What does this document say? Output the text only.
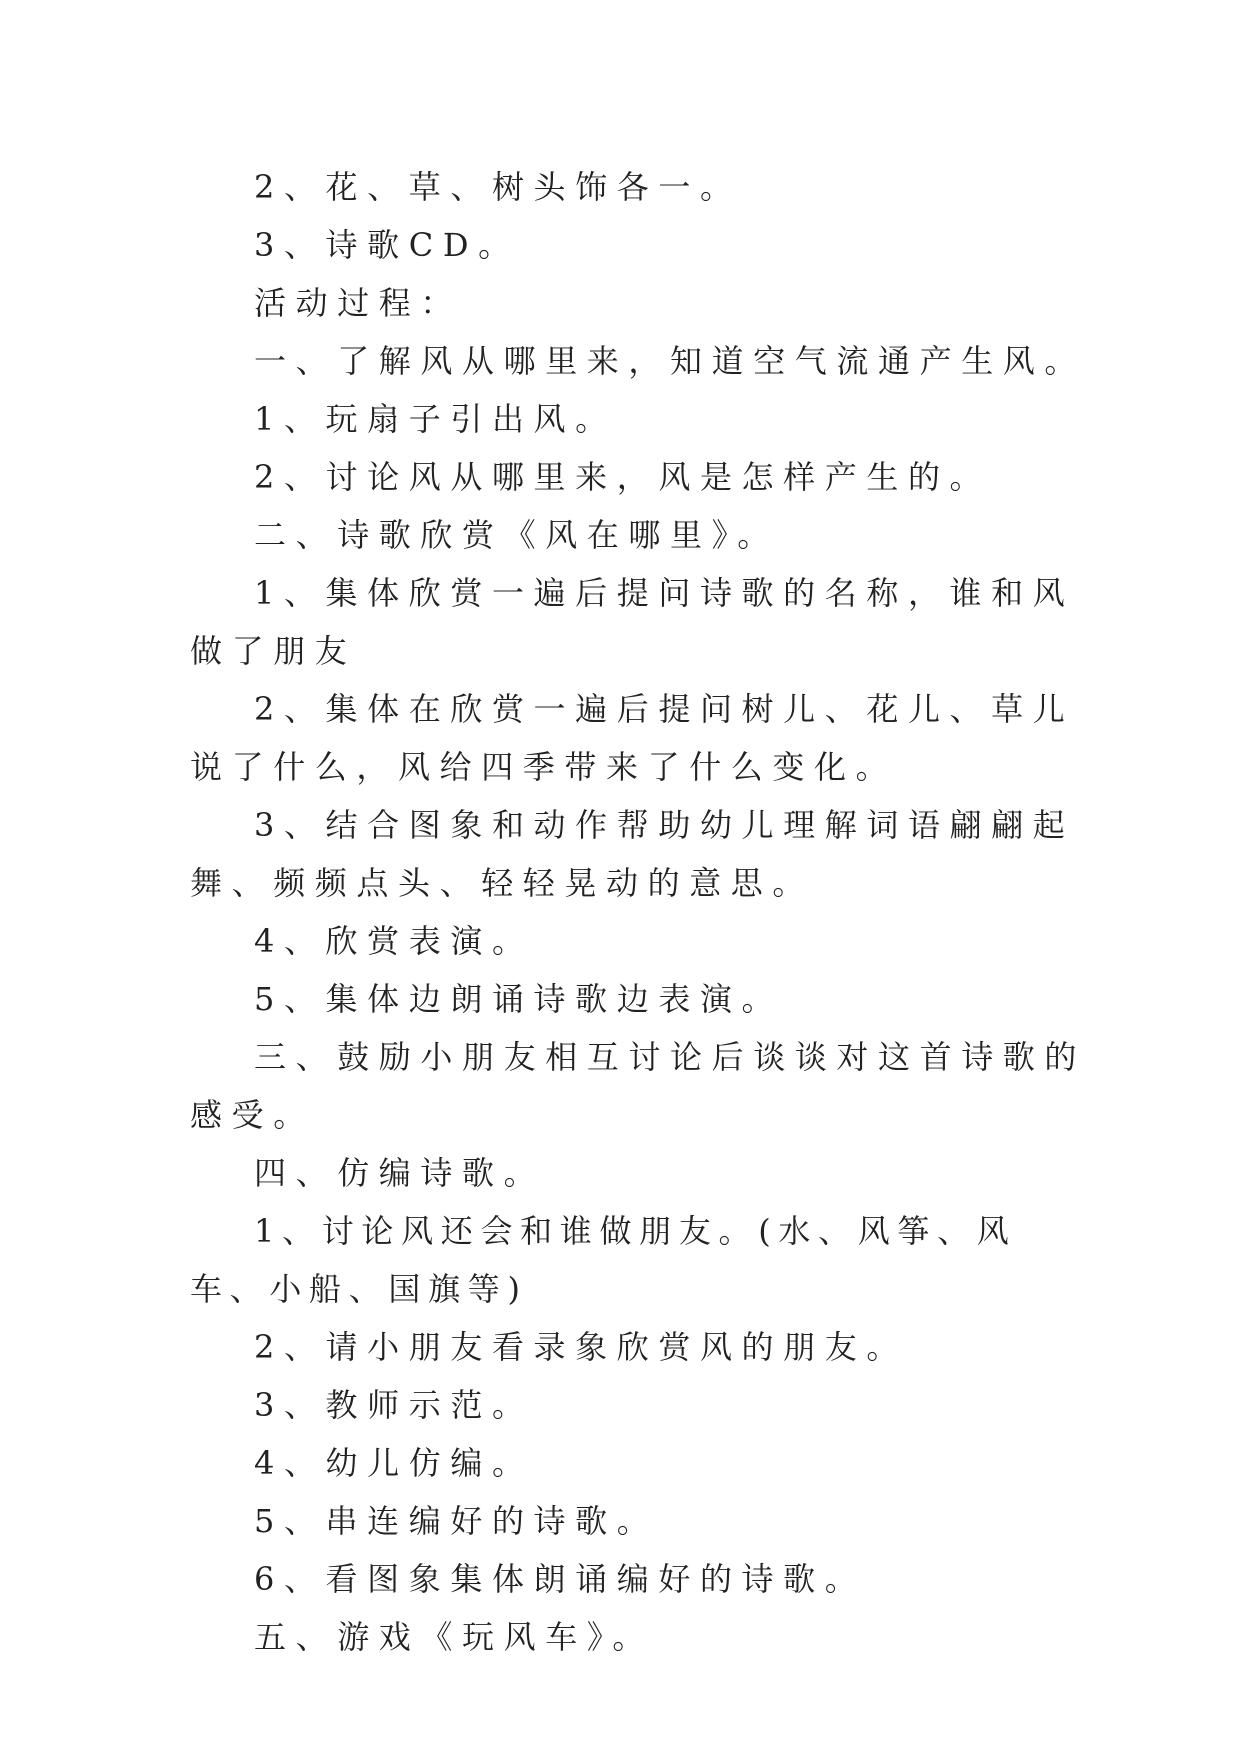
2、花、草、树头饰各一。

3、诗歌CD。

活动过程：

一、了解风从哪里来，知道空气流通产生风。

1、玩扇子引出风。

2、讨论风从哪里来，风是怎样产生的。

二、诗歌欣赏《风在哪里》。

1、集体欣赏一遍后提问诗歌的名称，谁和风做了朋友

2、集体在欣赏一遍后提问树儿、花儿、草儿说了什么，风给四季带来了什么变化。

3、结合图象和动作帮助幼儿理解词语翩翩起舞、频频点头、轻轻晃动的意思。

4、欣赏表演。

5、集体边朗诵诗歌边表演。

三、鼓励小朋友相互讨论后谈谈对这首诗歌的感受。

四、仿编诗歌。

1、讨论风还会和谁做朋友。(水、风筝、风车、小船、国旗等)

2、请小朋友看录象欣赏风的朋友。

3、教师示范。

4、幼儿仿编。

5、串连编好的诗歌。

6、看图象集体朗诵编好的诗歌。

五、游戏《玩风车》。
